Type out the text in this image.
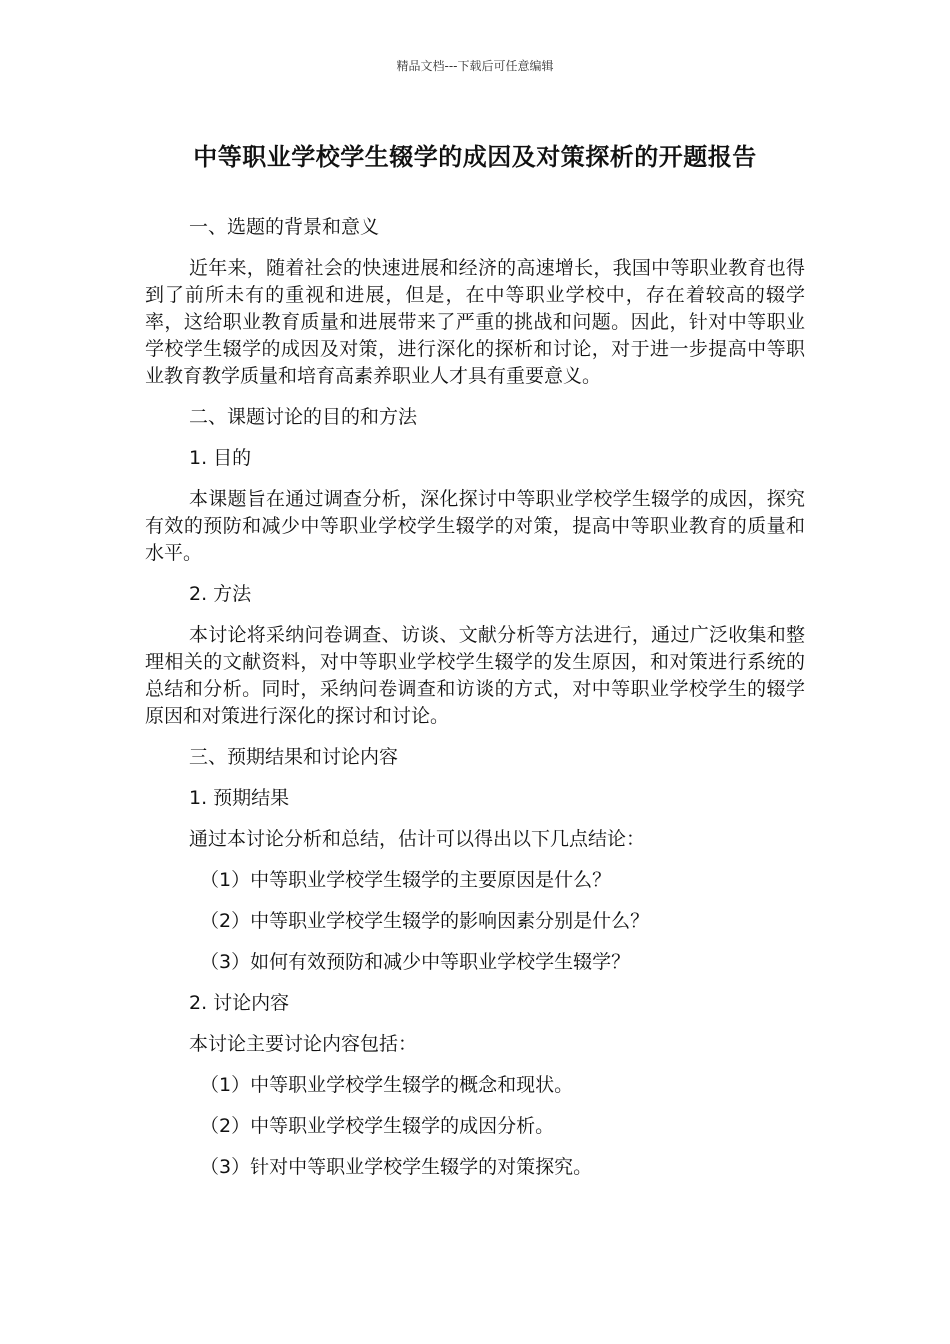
精品文档---下载后可任意编辑
中等职业学校学生辍学的成因及对策探析的开题报告

一、选题的背景和意义

近年来，随着社会的快速进展和经济的高速增长，我国中等职业教育也得到了前所未有的重视和进展，但是，在中等职业学校中，存在着较高的辍学率，这给职业教育质量和进展带来了严重的挑战和问题。因此，针对中等职业学校学生辍学的成因及对策，进行深化的探析和讨论，对于进一步提高中等职业教育教学质量和培育高素养职业人才具有重要意义。

二、课题讨论的目的和方法

1. 目的

本课题旨在通过调查分析，深化探讨中等职业学校学生辍学的成因，探究有效的预防和减少中等职业学校学生辍学的对策，提高中等职业教育的质量和水平。

2. 方法

本讨论将采纳问卷调查、访谈、文献分析等方法进行，通过广泛收集和整理相关的文献资料，对中等职业学校学生辍学的发生原因，和对策进行系统的总结和分析。同时，采纳问卷调查和访谈的方式，对中等职业学校学生的辍学原因和对策进行深化的探讨和讨论。

三、预期结果和讨论内容

1. 预期结果

通过本讨论分析和总结，估计可以得出以下几点结论：

（1）中等职业学校学生辍学的主要原因是什么？

（2）中等职业学校学生辍学的影响因素分别是什么？

（3）如何有效预防和减少中等职业学校学生辍学？

2. 讨论内容

本讨论主要讨论内容包括：

（1）中等职业学校学生辍学的概念和现状。

（2）中等职业学校学生辍学的成因分析。

（3）针对中等职业学校学生辍学的对策探究。
